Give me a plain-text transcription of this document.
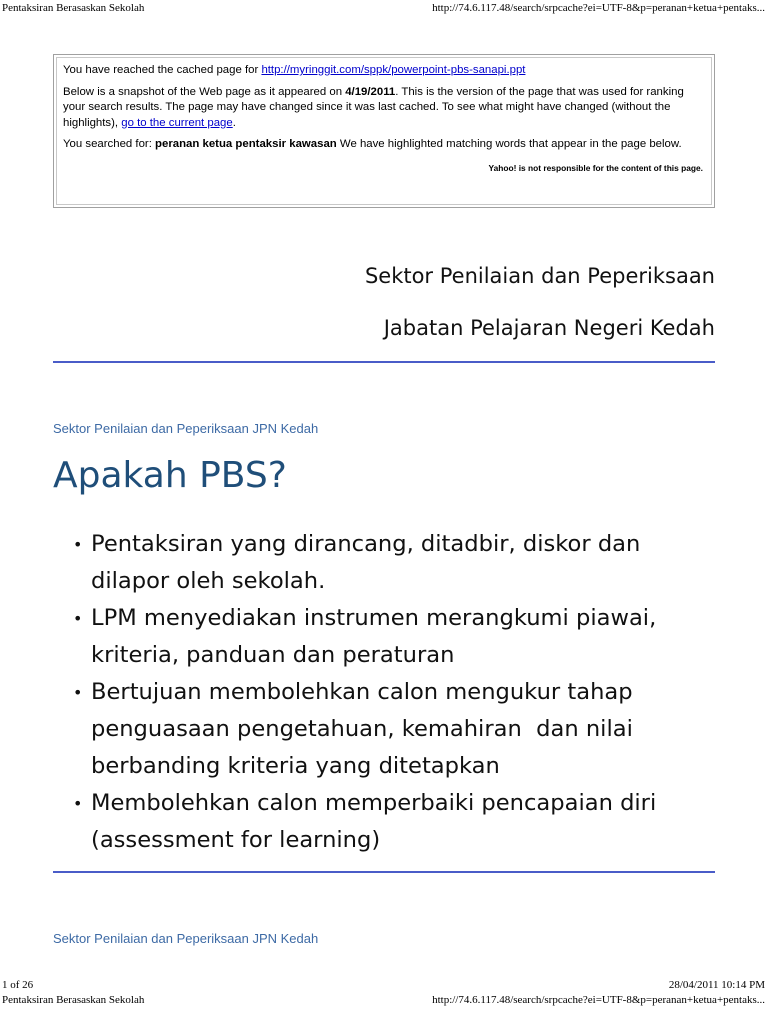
Pentaksiran Berasaskan Sekolah	http://74.6.117.48/search/srpcache?ei=UTF-8&p=peranan+ketua+pentaks...

You have reached the cached page for http://myringgit.com/sppk/powerpoint-pbs-sanapi.ppt

Below is a snapshot of the Web page as it appeared on 4/19/2011. This is the version of the page that was used for ranking your search results. The page may have changed since it was last cached. To see what might have changed (without the highlights), go to the current page.

You searched for: peranan ketua pentaksir kawasan We have highlighted matching words that appear in the page below.

Yahoo! is not responsible for the content of this page.
Sektor Penilaian dan Peperiksaan
Jabatan Pelajaran Negeri Kedah
Sektor Penilaian dan Peperiksaan JPN Kedah
Apakah PBS?
• Pentaksiran yang dirancang, ditadbir, diskor dan
dilapor oleh sekolah.
• LPM menyediakan instrumen merangkumi piawai,
kriteria, panduan dan peraturan
• Bertujuan membolehkan calon mengukur tahap
penguasaan pengetahuan, kemahiran  dan nilai
berbanding kriteria yang ditetapkan
• Membolehkan calon memperbaiki pencapaian diri
(assessment for learning)
Sektor Penilaian dan Peperiksaan JPN Kedah
1 of 26	28/04/2011 10:14 PM
Pentaksiran Berasaskan Sekolah	http://74.6.117.48/search/srpcache?ei=UTF-8&p=peranan+ketua+pentaks...
